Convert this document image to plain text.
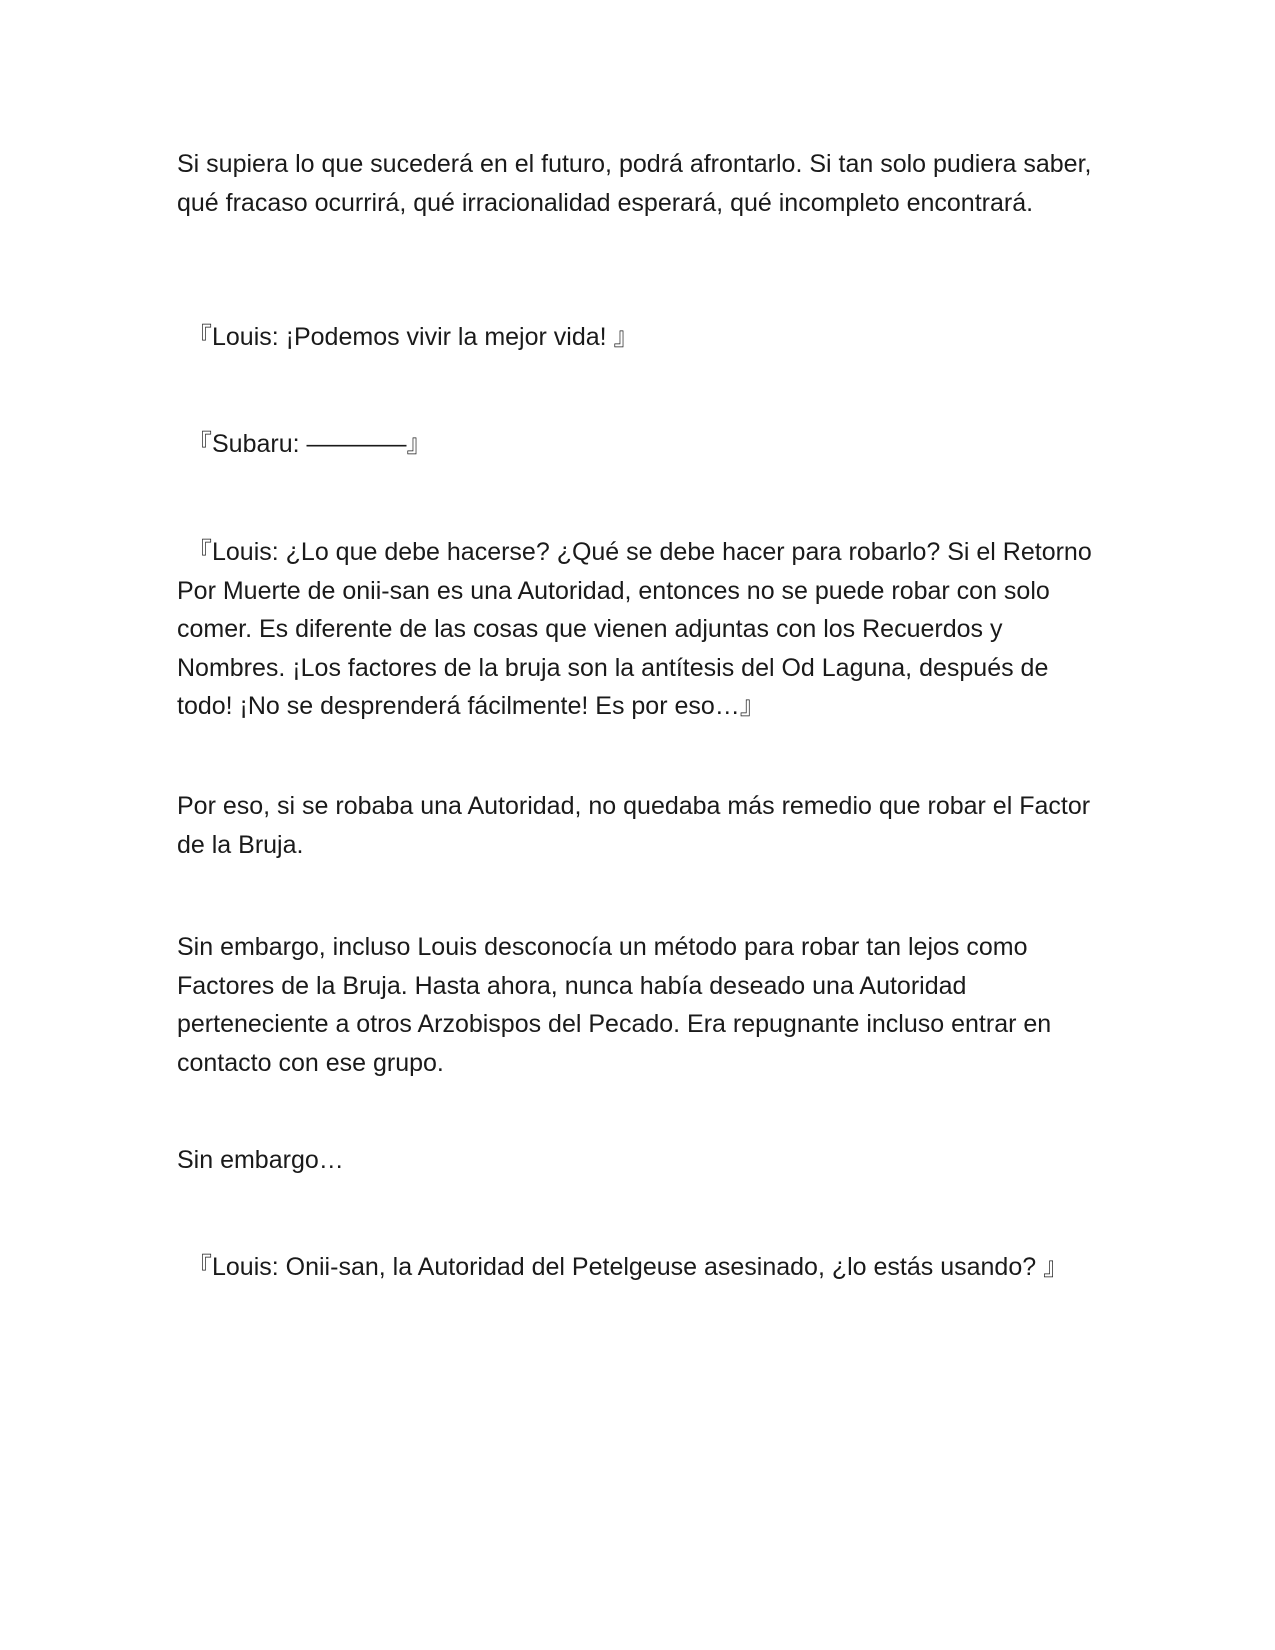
Si supiera lo que sucederá en el futuro, podrá afrontarlo. Si tan solo pudiera saber, qué fracaso ocurrirá, qué irracionalidad esperará, qué incompleto encontrará.

『Louis: ¡Podemos vivir la mejor vida! 』

『Subaru: ————』

『Louis: ¿Lo que debe hacerse? ¿Qué se debe hacer para robarlo? Si el Retorno Por Muerte de onii-san es una Autoridad, entonces no se puede robar con solo comer. Es diferente de las cosas que vienen adjuntas con los Recuerdos y Nombres. ¡Los factores de la bruja son la antítesis del Od Laguna, después de todo! ¡No se desprenderá fácilmente! Es por eso…』

Por eso, si se robaba una Autoridad, no quedaba más remedio que robar el Factor de la Bruja.

Sin embargo, incluso Louis desconocía un método para robar tan lejos como Factores de la Bruja. Hasta ahora, nunca había deseado una Autoridad perteneciente a otros Arzobispos del Pecado. Era repugnante incluso entrar en contacto con ese grupo.

Sin embargo…

『Louis: Onii-san, la Autoridad del Petelgeuse asesinado, ¿lo estás usando? 』
